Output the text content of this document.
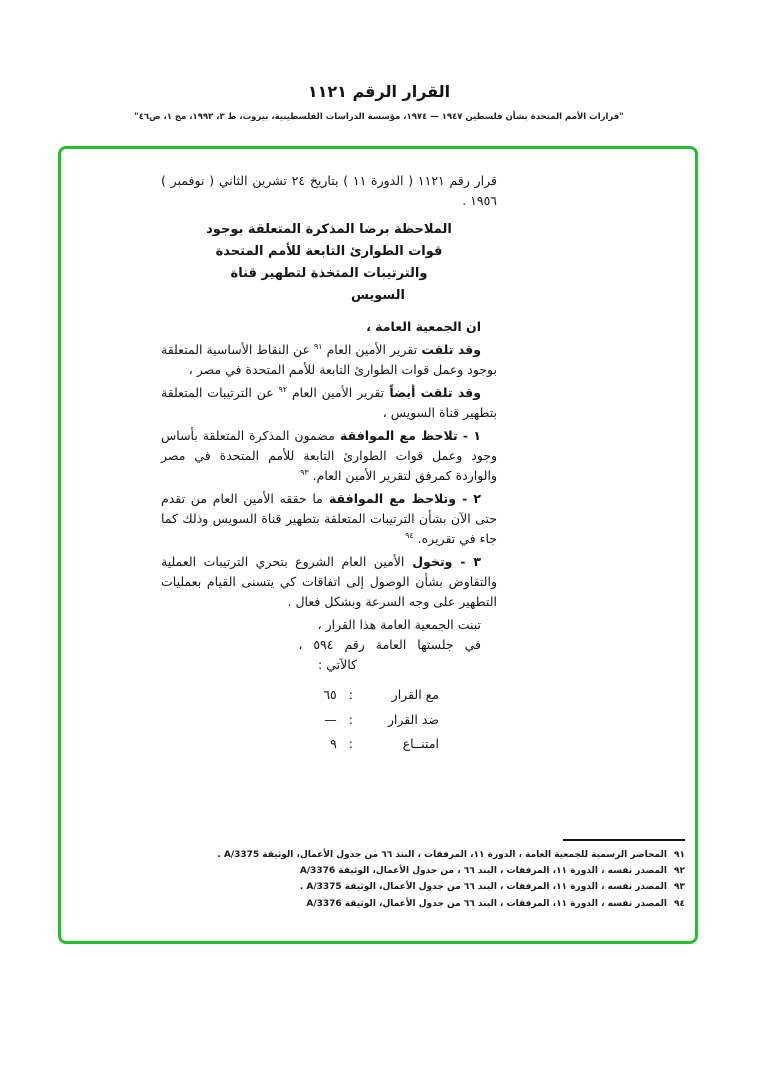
القرار الرقم ١١٢١
"قرارات الأمم المتحدة بشأن فلسطين ١٩٤٧ — ١٩٧٤، مؤسسة الدراسات الفلسطينية، بيروت، ط ٣، ١٩٩٣، مج ١، ص٤٦"

قرار رقم ١١٢١ ( الدورة ١١ ) بتاريخ ٢٤ تشرين الثاني ( نوفمبر ) ١٩٥٦ .

الملاحظة برضا المذكرة المتعلقة بوجود
قوات الطوارئ التابعة للأمم المتحدة
والترتيبات المتخذة لتطهير قناة
السويس

ان الجمعية العامة ،

وقد تلقت تقرير الأمين العام $^{٩١}$ عن النقاط الأساسية المتعلقة بوجود وعمل قوات الطوارئ التابعة للأمم المتحدة في مصر ،

وقد تلقت أيضاً تقرير الأمين العام $^{٩٢}$ عن الترتيبات المتعلقة بتطهير قناة السويس ،

١ - تلاحظ مع الموافقة مضمون المذكرة المتعلقة بأساس وجود وعمل قوات الطوارئ التابعة للأمم المتحدة في مصر والواردة كمرفق لتقرير الأمين العام. $^{٩٣}$

٢ - وتلاحظ مع الموافقة ما حققه الأمين العام من تقدم حتى الآن بشأن الترتيبات المتعلقة بتطهير قناة السويس وذلك كما جاء في تقريره. $^{٩٤}$

٣ - وتخول الأمين العام الشروع بتحري الترتيبات العملية والتفاوض بشأن الوصول إلى اتفاقات كي يتسنى القيام بعمليات التطهير على وجه السرعة وبشكل فعال .

تبنت الجمعية العامة هذا القرار ،

في جلستها العامة رقم ٥٩٤ ،

كالآتي :

مع القرار:٦٥
ضد القرار:—
امتنــاع:٩
٩١المحاضر الرسمية للجمعية العامة ، الدورة ١١، المرفقات ، البند ٦٦ من جدول الأعمال، الوثيقة A/3375 .
٩٢المصدر نفسه ، الدورة ١١، المرفقات ، البند ٦٦ ، من جدول الأعمال، الوثيقة A/3376
٩٣المصدر نفسه ، الدورة ١١، المرفقات ، البند ٦٦ من جدول الأعمال، الوثيقة A/3375 .
٩٤المصدر نفسه ، الدورة ١١، المرفقات ، البند ٦٦ من جدول الأعمال، الوثيقة A/3376
